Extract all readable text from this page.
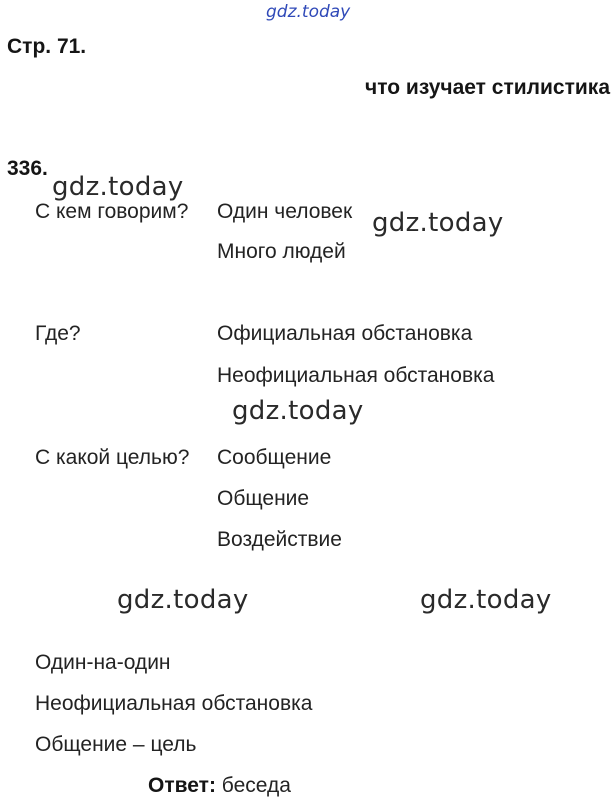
gdz.today
gdz.today
gdz.today
gdz.today
gdz.today	gdz.today
Стр. 71.
что изучает стилистика
336.
С кем говорим? Один человек
Много людей
Где?	Официальная обстановка
Неофициальная обстановка
С какой целью? Сообщение
Общение
Воздействие
Один-на-один
Неофициальная обстановка
Общение – цель
Ответ: беседа
